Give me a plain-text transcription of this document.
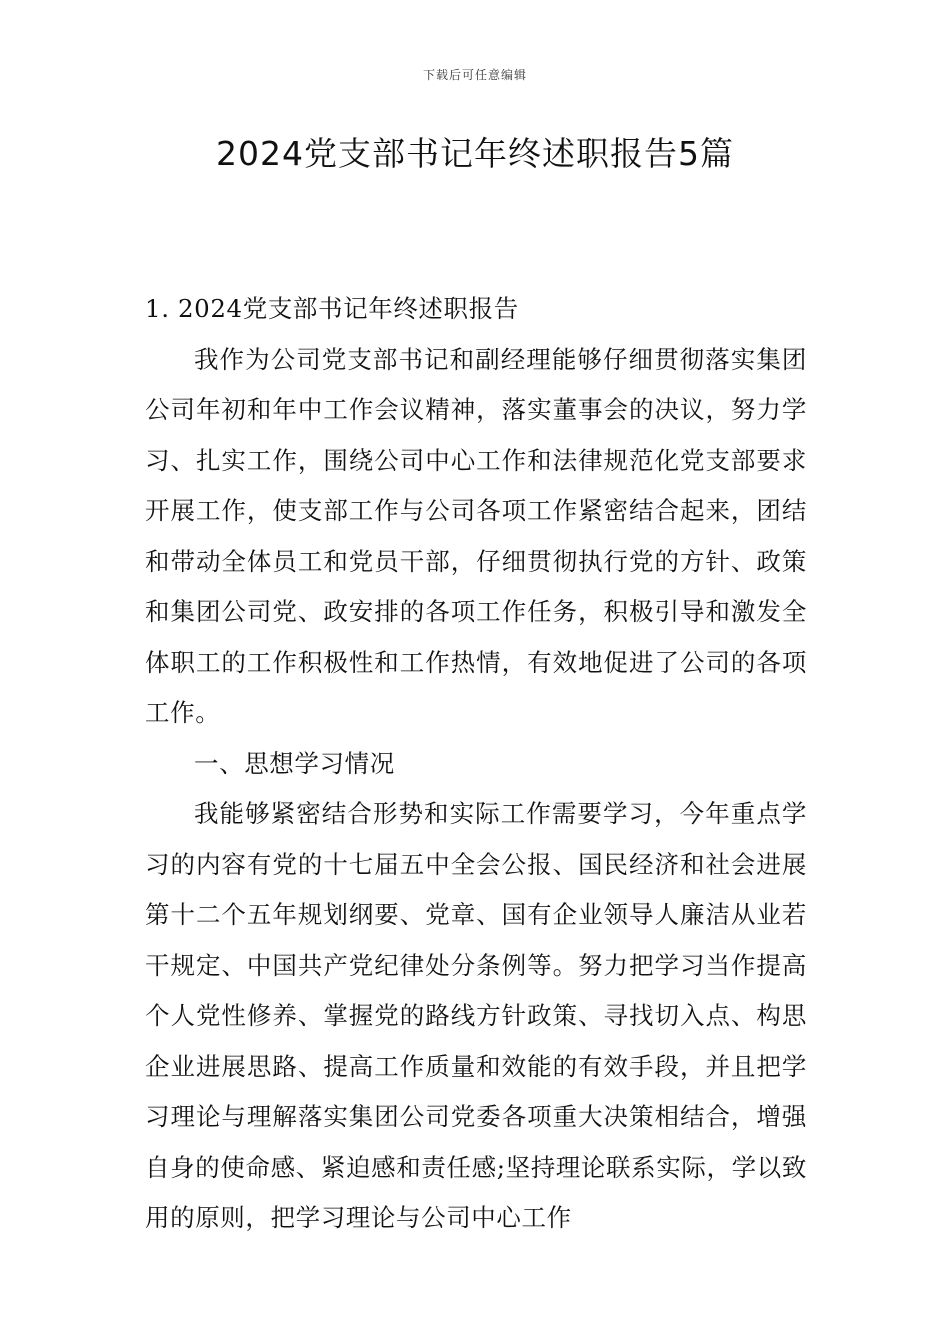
下载后可任意编辑
2024党支部书记年终述职报告5篇

1. 2024党支部书记年终述职报告

我作为公司党支部书记和副经理能够仔细贯彻落实集团公司年初和年中工作会议精神，落实董事会的决议，努力学习、扎实工作，围绕公司中心工作和法律规范化党支部要求开展工作，使支部工作与公司各项工作紧密结合起来，团结和带动全体员工和党员干部，仔细贯彻执行党的方针、政策和集团公司党、政安排的各项工作任务，积极引导和激发全体职工的工作积极性和工作热情，有效地促进了公司的各项工作。

一、思想学习情况

我能够紧密结合形势和实际工作需要学习，今年重点学习的内容有党的十七届五中全会公报、国民经济和社会进展第十二个五年规划纲要、党章、国有企业领导人廉洁从业若干规定、中国共产党纪律处分条例等。努力把学习当作提高个人党性修养、掌握党的路线方针政策、寻找切入点、构思企业进展思路、提高工作质量和效能的有效手段，并且把学习理论与理解落实集团公司党委各项重大决策相结合，增强自身的使命感、紧迫感和责任感;坚持理论联系实际，学以致用的原则，把学习理论与公司中心工作
